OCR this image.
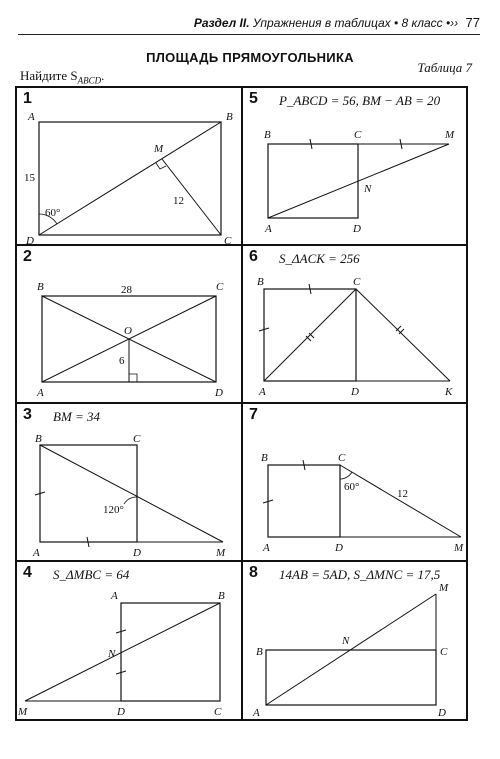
Раздел II. Упражнения в таблицах • 8 класс •›› 77
ПЛОЩАДЬ ПРЯМОУГОЛЬНИКА
Найдите $S_{ABCD}$.
Таблица 7
1
A	B
C
D
M
15
60°
12
5 P_ABCD = 56, BM − AB = 20
B	C	M
N
A	D
2
B	C
A	D
O
28
6
6 S_ΔACK = 256
B	C
A	D	K
3 BM = 34
B	C
A	D	M
120°
7
B	C
A	D	M
60°
12
4 S_ΔMBC = 64
A	B
N
M	D	C
8 14AB = 5AD, S_ΔMNC = 17,5
B	C
A	D
M
N
